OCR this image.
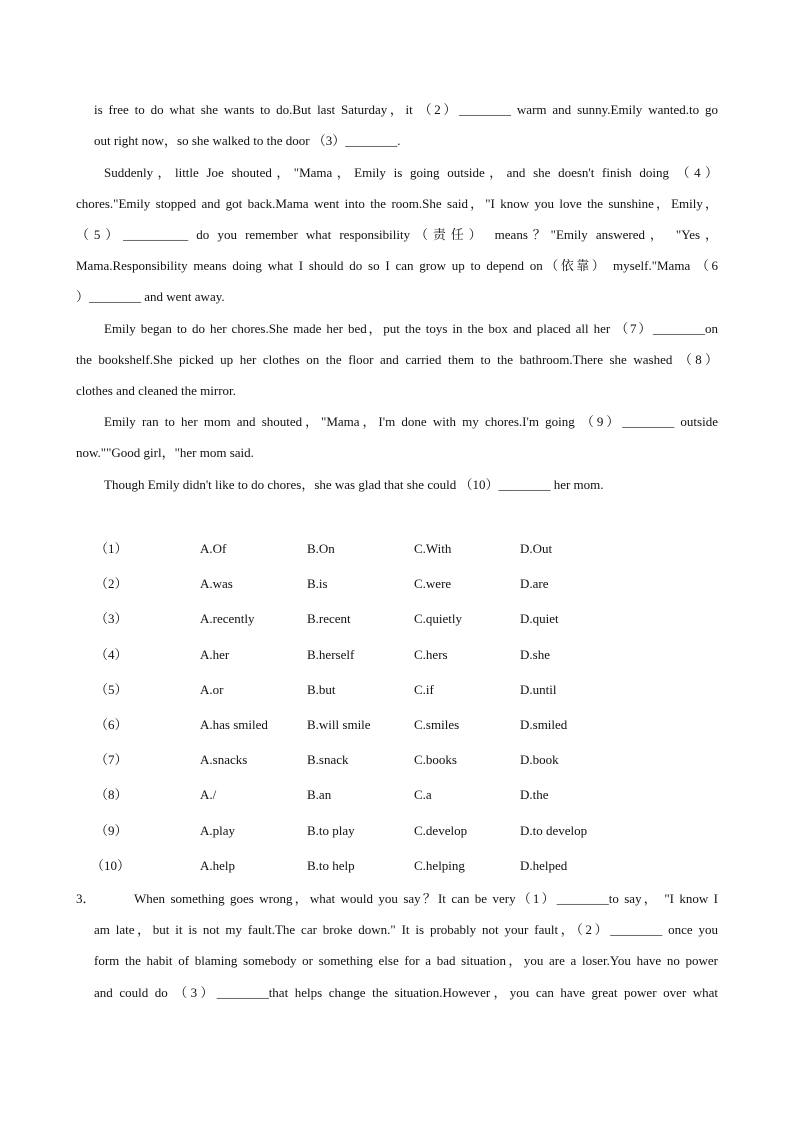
is free to do what she wants to do.But last Saturday，it （2）________ warm and sunny.Emily wanted.to go
out right now，so she walked to the door （3）________.
Suddenly，little Joe shouted，"Mama，Emily is going outside，and she doesn't finish doing （4）
chores."Emily stopped and got back.Mama went into the room.She said，"I know you love the sunshine，Emily，
（5）__________ do you remember what responsibility（责任） means？"Emily answered， "Yes，
Mama.Responsibility means doing what I should do so I can grow up to depend on（依靠） myself."Mama （6
）________ and went away.
Emily began to do her chores.She made her bed，put the toys in the box and placed all her （7）________on
the bookshelf.She picked up her clothes on the floor and carried them to the bathroom.There she washed （8）
clothes and cleaned the mirror.
Emily ran to her mom and shouted，"Mama，I'm done with my chores.I'm going （9）________ outside
now.""Good girl，"her mom said.
Though Emily didn't like to do chores，she was glad that she could （10）________ her mom.
（1）	A.Of	B.On	C.With	D.Out
（2）	A.was	B.is	C.were	D.are
（3）	A.recently	B.recent	C.quietly	D.quiet
（4）	A.her	B.herself	C.hers	D.she
（5）	A.or	B.but	C.if	D.until
（6）	A.has smiled	B.will smile	C.smiles	D.smiled
（7）	A.snacks	B.snack	C.books	D.book
（8）	A./	B.an	C.a	D.the
（9）	A.play	B.to play	C.develop	D.to develop
（10）	A.help	B.to help	C.helping	D.helped
3．	When something goes wrong，what would you say？It can be very（1）________to say， "I know I
am late，but it is not my fault.The car broke down." It is probably not your fault，（2）________ once you
form the habit of blaming somebody or something else for a bad situation，you are a loser.You have no power
and could do （3）________that helps change the situation.However，you can have great power over what
